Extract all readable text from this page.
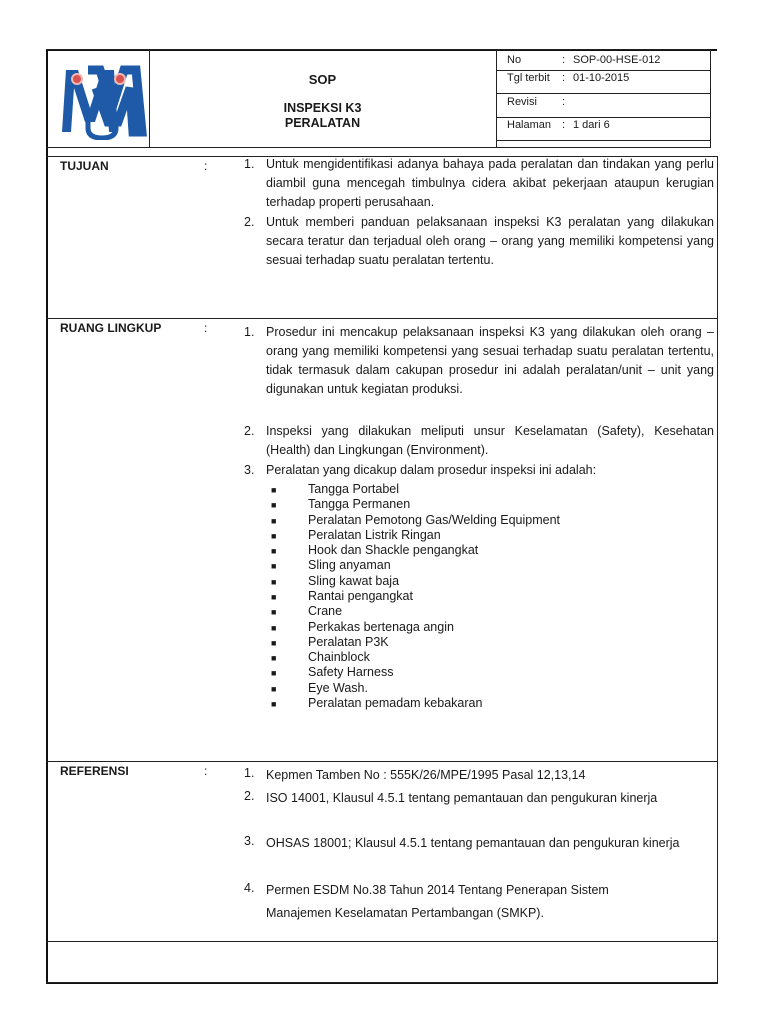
SOP
INSPEKSI K3
PERALATAN
No	: SOP-00-HSE-012
Tgl terbit	: 01-10-2015
Revisi	:
Halaman : 1 dari 6
TUJUAN	:	1. Untuk mengidentifikasi adanya bahaya pada peralatan dan tindakan yang perlu diambil guna mencegah timbulnya cidera akibat pekerjaan ataupun kerugian terhadap properti perusahaan.
2. Untuk memberi panduan pelaksanaan inspeksi K3 peralatan yang dilakukan secara teratur dan terjadual oleh orang – orang yang memiliki kompetensi yang sesuai terhadap suatu peralatan tertentu.
RUANG LINGKUP	:	1. Prosedur ini mencakup pelaksanaan inspeksi K3 yang dilakukan oleh orang – orang yang memiliki kompetensi yang sesuai terhadap suatu peralatan tertentu, tidak termasuk dalam cakupan prosedur ini adalah peralatan/unit – unit yang digunakan untuk kegiatan produksi.
2. Inspeksi yang dilakukan meliputi unsur Keselamatan (Safety), Kesehatan (Health) dan Lingkungan (Environment).
3. Peralatan yang dicakup dalam prosedur inspeksi ini adalah:
■	Tangga Portabel
■	Tangga Permanen
■	Peralatan Pemotong Gas/Welding Equipment
■	Peralatan Listrik Ringan
■	Hook dan Shackle pengangkat
■	Sling anyaman
■	Sling kawat baja
■	Rantai pengangkat
■	Crane
■	Perkakas bertenaga angin
■	Peralatan P3K
■	Chainblock
■	Safety Harness
■	Eye Wash.
■	Peralatan pemadam kebakaran
REFERENSI	:	1. Kepmen Tamben No : 555K/26/MPE/1995 Pasal 12,13,14
2. ISO 14001, Klausul 4.5.1 tentang pemantauan dan pengukuran kinerja
3. OHSAS 18001; Klausul 4.5.1 tentang pemantauan dan pengukuran kinerja
4. Permen ESDM No.38 Tahun 2014 Tentang Penerapan Sistem Manajemen Keselamatan Pertambangan (SMKP).
